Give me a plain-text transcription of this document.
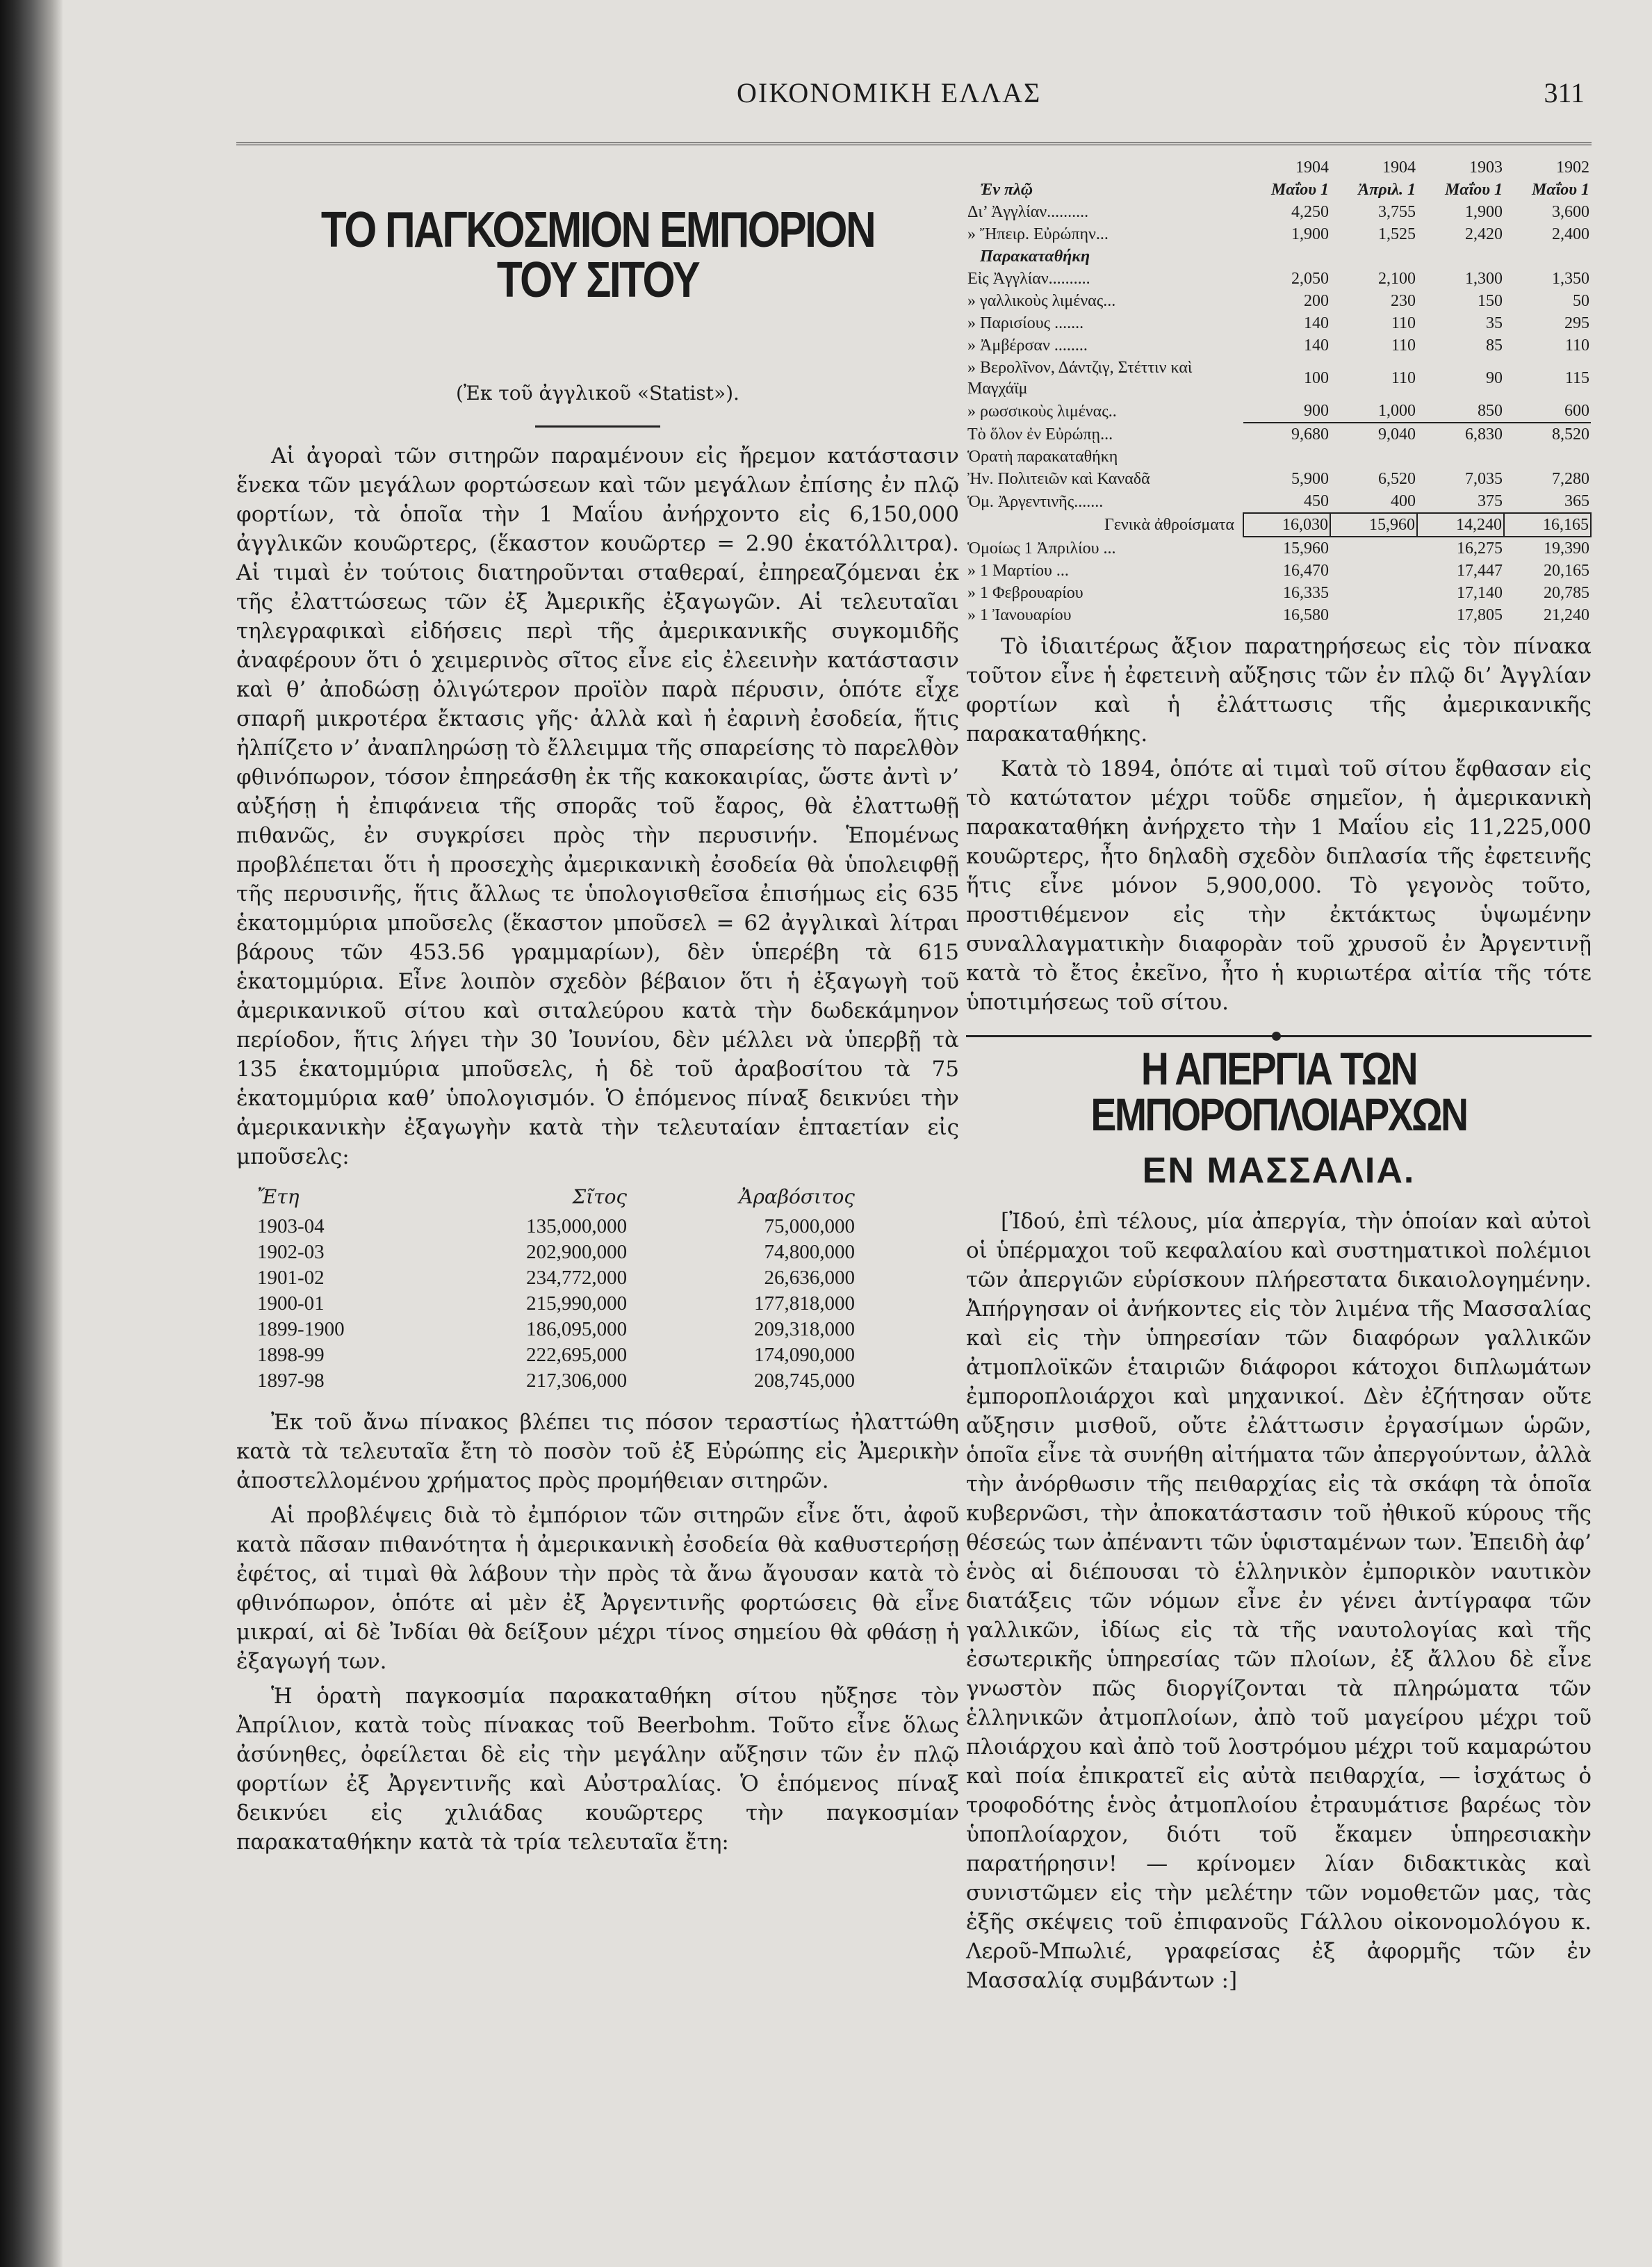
ΟΙΚΟΝΟΜΙΚΗ ΕΛΛΑΣ	311
ΤΟ ΠΑΓΚΟΣΜΙΟΝ ΕΜΠΟΡΙΟΝ ΤΟΥ ΣΙΤΟΥ
(Ἐκ τοῦ ἀγγλικοῦ «Statist»).

Αἱ ἀγοραὶ τῶν σιτηρῶν παραμένουν εἰς ἤρεμον κατάστασιν ἕνεκα τῶν μεγάλων φορτώσεων καὶ τῶν μεγάλων ἐπίσης ἐν πλῷ φορτίων, τὰ ὁποῖα τὴν 1 Μαΐου ἀνήρχοντο εἰς 6,150,000 ἀγγλικῶν κουῶρτερς, (ἕκαστον κουῶρτερ = 2.90 ἑκατόλλιτρα). Αἱ τιμαὶ ἐν τούτοις διατηροῦνται σταθεραί, ἐπηρεαζόμεναι ἐκ τῆς ἐλαττώσεως τῶν ἐξ Ἀμερικῆς ἐξαγωγῶν. Αἱ τελευταῖαι τηλεγραφικαὶ εἰδήσεις περὶ τῆς ἀμερικανικῆς συγκομιδῆς ἀναφέρουν ὅτι ὁ χειμερινὸς σῖτος εἶνε εἰς ἐλεεινὴν κατάστασιν καὶ θ’ ἀποδώσῃ ὀλιγώτερον προϊὸν παρὰ πέρυσιν, ὁπότε εἶχε σπαρῆ μικροτέρα ἔκτασις γῆς· ἀλλὰ καὶ ἡ ἐαρινὴ ἐσοδεία, ἥτις ἠλπίζετο ν’ ἀναπληρώσῃ τὸ ἔλλειμμα τῆς σπαρείσης τὸ παρελθὸν φθινόπωρον, τόσον ἐπηρεάσθη ἐκ τῆς κακοκαιρίας, ὥστε ἀντὶ ν’ αὐξήσῃ ἡ ἐπιφάνεια τῆς σπορᾶς τοῦ ἔαρος, θὰ ἐλαττωθῇ πιθανῶς, ἐν συγκρίσει πρὸς τὴν περυσινήν. Ἑπομένως προβλέπεται ὅτι ἡ προσεχὴς ἀμερικανικὴ ἐσοδεία θὰ ὑπολειφθῇ τῆς περυσινῆς, ἥτις ἄλλως τε ὑπολογισθεῖσα ἐπισήμως εἰς 635 ἑκατομμύρια μποῦσελς (ἕκαστον μποῦσελ = 62 ἀγγλικαὶ λίτραι βάρους τῶν 453.56 γραμμαρίων), δὲν ὑπερέβη τὰ 615 ἑκατομμύρια. Εἶνε λοιπὸν σχεδὸν βέβαιον ὅτι ἡ ἐξαγωγὴ τοῦ ἀμερικανικοῦ σίτου καὶ σιταλεύρου κατὰ τὴν δωδεκάμηνον περίοδον, ἥτις λήγει τὴν 30 Ἰουνίου, δὲν μέλλει νὰ ὑπερβῇ τὰ 135 ἑκατομμύρια μποῦσελς, ἡ δὲ τοῦ ἀραβοσίτου τὰ 75 ἑκατομμύρια καθ’ ὑπολογισμόν. Ὁ ἑπόμενος πίναξ δεικνύει τὴν ἀμερικανικὴν ἐξαγωγὴν κατὰ τὴν τελευταίαν ἑπταετίαν εἰς μποῦσελς:

Ἔτη	Σῖτος	Ἀραβόσιτος
1903-04	135,000,000	75,000,000
1902-03	202,900,000	74,800,000
1901-02	234,772,000	26,636,000
1900-01	215,990,000	177,818,000
1899-1900	186,095,000	209,318,000
1898-99	222,695,000	174,090,000
1897-98	217,306,000	208,745,000

Ἐκ τοῦ ἄνω πίνακος βλέπει τις πόσον τεραστίως ἠλαττώθη κατὰ τὰ τελευταῖα ἔτη τὸ ποσὸν τοῦ ἐξ Εὐρώπης εἰς Ἀμερικὴν ἀποστελλομένου χρήματος πρὸς προμήθειαν σιτηρῶν.

Αἱ προβλέψεις διὰ τὸ ἐμπόριον τῶν σιτηρῶν εἶνε ὅτι, ἀφοῦ κατὰ πᾶσαν πιθανότητα ἡ ἀμερικανικὴ ἐσοδεία θὰ καθυστερήσῃ ἐφέτος, αἱ τιμαὶ θὰ λάβουν τὴν πρὸς τὰ ἄνω ἄγουσαν κατὰ τὸ φθινόπωρον, ὁπότε αἱ μὲν ἐξ Ἀργεντινῆς φορτώσεις θὰ εἶνε μικραί, αἱ δὲ Ἰνδίαι θὰ δείξουν μέχρι τίνος σημείου θὰ φθάσῃ ἡ ἐξαγωγή των.

Ἡ ὁρατὴ παγκοσμία παρακαταθήκη σίτου ηὔξησε τὸν Ἀπρίλιον, κατὰ τοὺς πίνακας τοῦ Beerbohm. Τοῦτο εἶνε ὅλως ἀσύνηθες, ὀφείλεται δὲ εἰς τὴν μεγάλην αὔξησιν τῶν ἐν πλῷ φορτίων ἐξ Ἀργεντινῆς καὶ Αὐστραλίας. Ὁ ἑπόμενος πίναξ δεικνύει εἰς χιλιάδας κουῶρτερς τὴν παγκοσμίαν παρακαταθήκην κατὰ τὰ τρία τελευταῖα ἔτη:

	1904	1904	1903	1902
Ἐν πλῷ	Μαΐου 1	Ἀπριλ. 1	Μαΐου 1	Μαΐου 1
Δι’ Ἀγγλίαν..........	4,250	3,755	1,900	3,600
» Ἤπειρ. Εὐρώπην...	1,900	1,525	2,420	2,400
Παρακαταθήκη				
Εἰς Ἀγγλίαν..........	2,050	2,100	1,300	1,350
» γαλλικοὺς λιμένας...	200	230	150	50
» Παρισίους .......	140	110	35	295
» Ἀμβέρσαν ........	140	110	85	110
» Βερολῖνον, Δάντζιγ, Στέττιν καὶ Μαγχάϊμ	100	110	90	115
» ρωσσικοὺς λιμένας..	900	1,000	850	600
Τὸ ὅλον ἐν Εὐρώπῃ...	9,680	9,040	6,830	8,520
Ὁρατὴ παρακαταθήκη				
Ἠν. Πολιτειῶν καὶ Καναδᾶ	5,900	6,520	7,035	7,280
Ὁμ. Ἀργεντινῆς.......	450	400	375	365
Γενικὰ ἀθροίσματα	16,030	15,960	14,240	16,165
Ὁμοίως 1 Ἀπριλίου ...	15,960		16,275	19,390
» 1 Μαρτίου ...	16,470		17,447	20,165
» 1 Φεβρουαρίου	16,335		17,140	20,785
» 1 Ἰανουαρίου	16,580		17,805	21,240

Τὸ ἰδιαιτέρως ἄξιον παρατηρήσεως εἰς τὸν πίνακα τοῦτον εἶνε ἡ ἐφετεινὴ αὔξησις τῶν ἐν πλῷ δι’ Ἀγγλίαν φορτίων καὶ ἡ ἐλάττωσις τῆς ἀμερικανικῆς παρακαταθήκης.

Κατὰ τὸ 1894, ὁπότε αἱ τιμαὶ τοῦ σίτου ἔφθασαν εἰς τὸ κατώτατον μέχρι τοῦδε σημεῖον, ἡ ἀμερικανικὴ παρακαταθήκη ἀνήρχετο τὴν 1 Μαΐου εἰς 11,225,000 κουῶρτερς, ἦτο δηλαδὴ σχεδὸν διπλασία τῆς ἐφετεινῆς ἥτις εἶνε μόνον 5,900,000. Τὸ γεγονὸς τοῦτο, προστιθέμενον εἰς τὴν ἐκτάκτως ὑψωμένην συναλλαγματικὴν διαφορὰν τοῦ χρυσοῦ ἐν Ἀργεντινῇ κατὰ τὸ ἔτος ἐκεῖνο, ἦτο ἡ κυριωτέρα αἰτία τῆς τότε ὑποτιμήσεως τοῦ σίτου.

Η ΑΠΕΡΓΙΑ ΤΩΝ ΕΜΠΟΡΟΠΛΟΙΑΡΧΩΝ
ΕΝ ΜΑΣΣΑΛΙΑ.

[Ἰδού, ἐπὶ τέλους, μία ἀπεργία, τὴν ὁποίαν καὶ αὐτοὶ οἱ ὑπέρμαχοι τοῦ κεφαλαίου καὶ συστηματικοὶ πολέμιοι τῶν ἀπεργιῶν εὑρίσκουν πλήρεστατα δικαιολογημένην. Ἀπήργησαν οἱ ἀνήκοντες εἰς τὸν λιμένα τῆς Μασσαλίας καὶ εἰς τὴν ὑπηρεσίαν τῶν διαφόρων γαλλικῶν ἀτμοπλοϊκῶν ἑταιριῶν διάφοροι κάτοχοι διπλωμάτων ἐμποροπλοιάρχοι καὶ μηχανικοί. Δὲν ἐζήτησαν οὔτε αὔξησιν μισθοῦ, οὔτε ἐλάττωσιν ἐργασίμων ὡρῶν, ὁποῖα εἶνε τὰ συνήθη αἰτήματα τῶν ἀπεργούντων, ἀλλὰ τὴν ἀνόρθωσιν τῆς πειθαρχίας εἰς τὰ σκάφη τὰ ὁποῖα κυβερνῶσι, τὴν ἀποκατάστασιν τοῦ ἠθικοῦ κύρους τῆς θέσεώς των ἀπέναντι τῶν ὑφισταμένων των. Ἐπειδὴ ἀφ’ ἑνὸς αἱ διέπουσαι τὸ ἑλληνικὸν ἐμπορικὸν ναυτικὸν διατάξεις τῶν νόμων εἶνε ἐν γένει ἀντίγραφα τῶν γαλλικῶν, ἰδίως εἰς τὰ τῆς ναυτολογίας καὶ τῆς ἐσωτερικῆς ὑπηρεσίας τῶν πλοίων, ἐξ ἄλλου δὲ εἶνε γνωστὸν πῶς διοργίζονται τὰ πληρώματα τῶν ἑλληνικῶν ἀτμοπλοίων, ἀπὸ τοῦ μαγείρου μέχρι τοῦ πλοιάρχου καὶ ἀπὸ τοῦ λοστρόμου μέχρι τοῦ καμαρώτου καὶ ποία ἐπικρατεῖ εἰς αὐτὰ πειθαρχία, — ἰσχάτως ὁ τροφοδότης ἑνὸς ἀτμοπλοίου ἐτραυμάτισε βαρέως τὸν ὑποπλοίαρχον, διότι τοῦ ἔκαμεν ὑπηρεσιακὴν παρατήρησιν! — κρίνομεν λίαν διδακτικὰς καὶ συνιστῶμεν εἰς τὴν μελέτην τῶν νομοθετῶν μας, τὰς ἑξῆς σκέψεις τοῦ ἐπιφανοῦς Γάλλου οἰκονομολόγου κ. Λεροῦ-Μπωλιέ, γραφείσας ἐξ ἀφορμῆς τῶν ἐν Μασσαλίᾳ συμβάντων :]
